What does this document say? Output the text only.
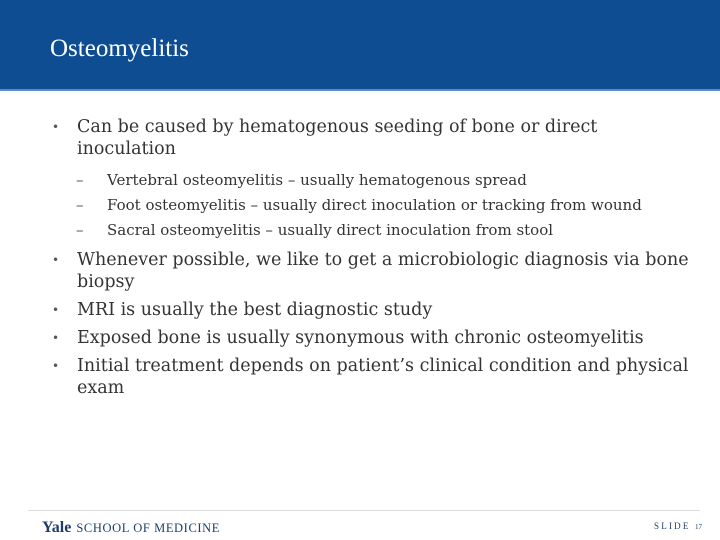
Osteomyelitis
• Can be caused by hematogenous seeding of bone or direct inoculation
– Vertebral osteomyelitis – usually hematogenous spread
– Foot osteomyelitis – usually direct inoculation or tracking from wound
– Sacral osteomyelitis – usually direct inoculation from stool
• Whenever possible, we like to get a microbiologic diagnosis via bone biopsy
• MRI is usually the best diagnostic study
• Exposed bone is usually synonymous with chronic osteomyelitis
• Initial treatment depends on patient’s clinical condition and physical exam
Yale SCHOOL OF MEDICINE	SLIDE 17
